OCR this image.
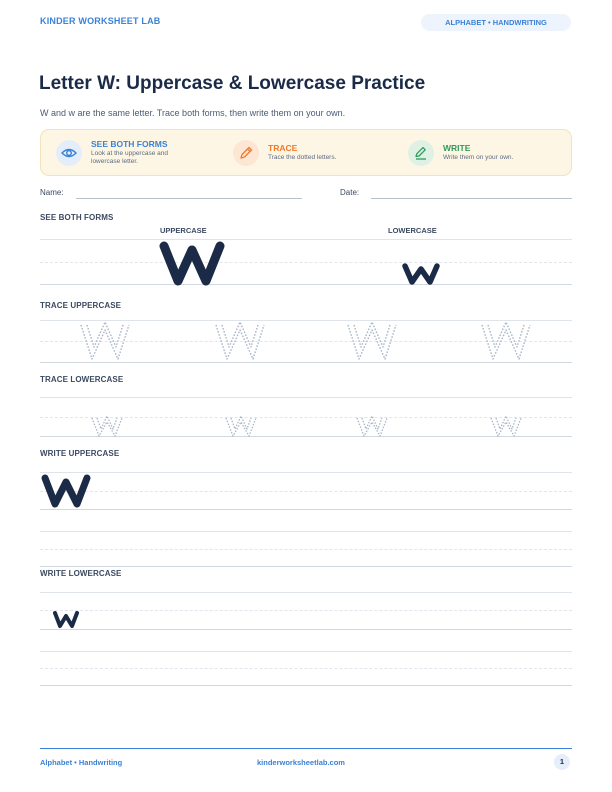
KINDER WORKSHEET LAB	ALPHABET • HANDWRITING
Letter W: Uppercase & Lowercase Practice
W and w are the same letter. Trace both forms, then write them on your own.
SEE BOTH FORMS
Look at the uppercase and
lowercase letter.
TRACE
Trace the dotted letters.
WRITE
Write them on your own.
Name:	Date:
SEE BOTH FORMS
UPPERCASE	LOWERCASE
TRACE UPPERCASE
TRACE LOWERCASE
WRITE UPPERCASE
WRITE LOWERCASE
Alphabet • Handwriting	kinderworksheetlab.com	1
